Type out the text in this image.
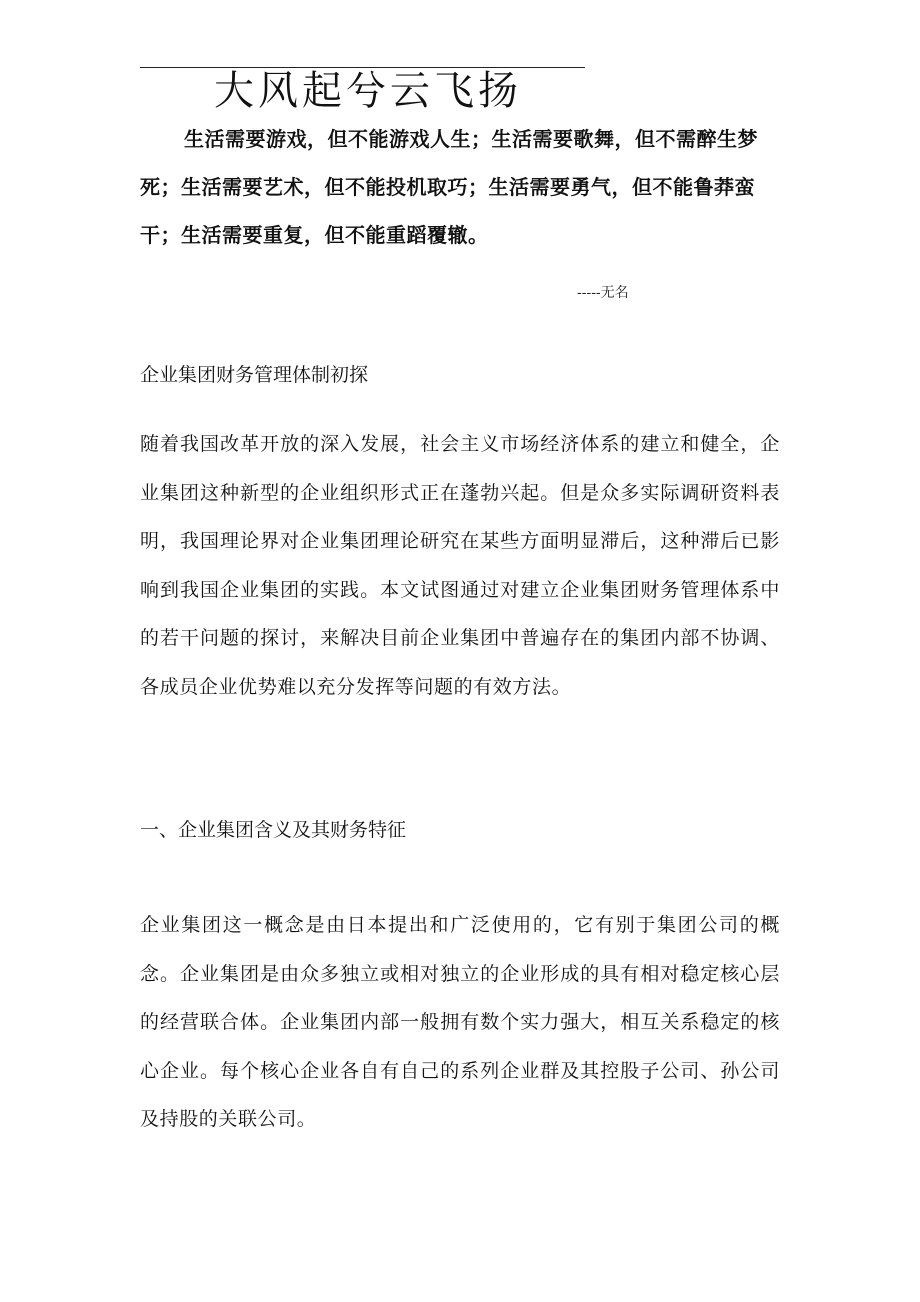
大风起兮云飞扬

生活需要游戏，但不能游戏人生；生活需要歌舞，但不需醉生梦死；生活需要艺术，但不能投机取巧；生活需要勇气，但不能鲁莽蛮干；生活需要重复，但不能重蹈覆辙。

-----无名
企业集团财务管理体制初探

随着我国改革开放的深入发展，社会主义市场经济体系的建立和健全，企业集团这种新型的企业组织形式正在蓬勃兴起。但是众多实际调研资料表明，我国理论界对企业集团理论研究在某些方面明显滞后，这种滞后已影响到我国企业集团的实践。本文试图通过对建立企业集团财务管理体系中的若干问题的探讨，来解决目前企业集团中普遍存在的集团内部不协调、各成员企业优势难以充分发挥等问题的有效方法。

一、企业集团含义及其财务特征

企业集团这一概念是由日本提出和广泛使用的，它有别于集团公司的概念。企业集团是由众多独立或相对独立的企业形成的具有相对稳定核心层的经营联合体。企业集团内部一般拥有数个实力强大，相互关系稳定的核心企业。每个核心企业各自有自己的系列企业群及其控股子公司、孙公司及持股的关联公司。
